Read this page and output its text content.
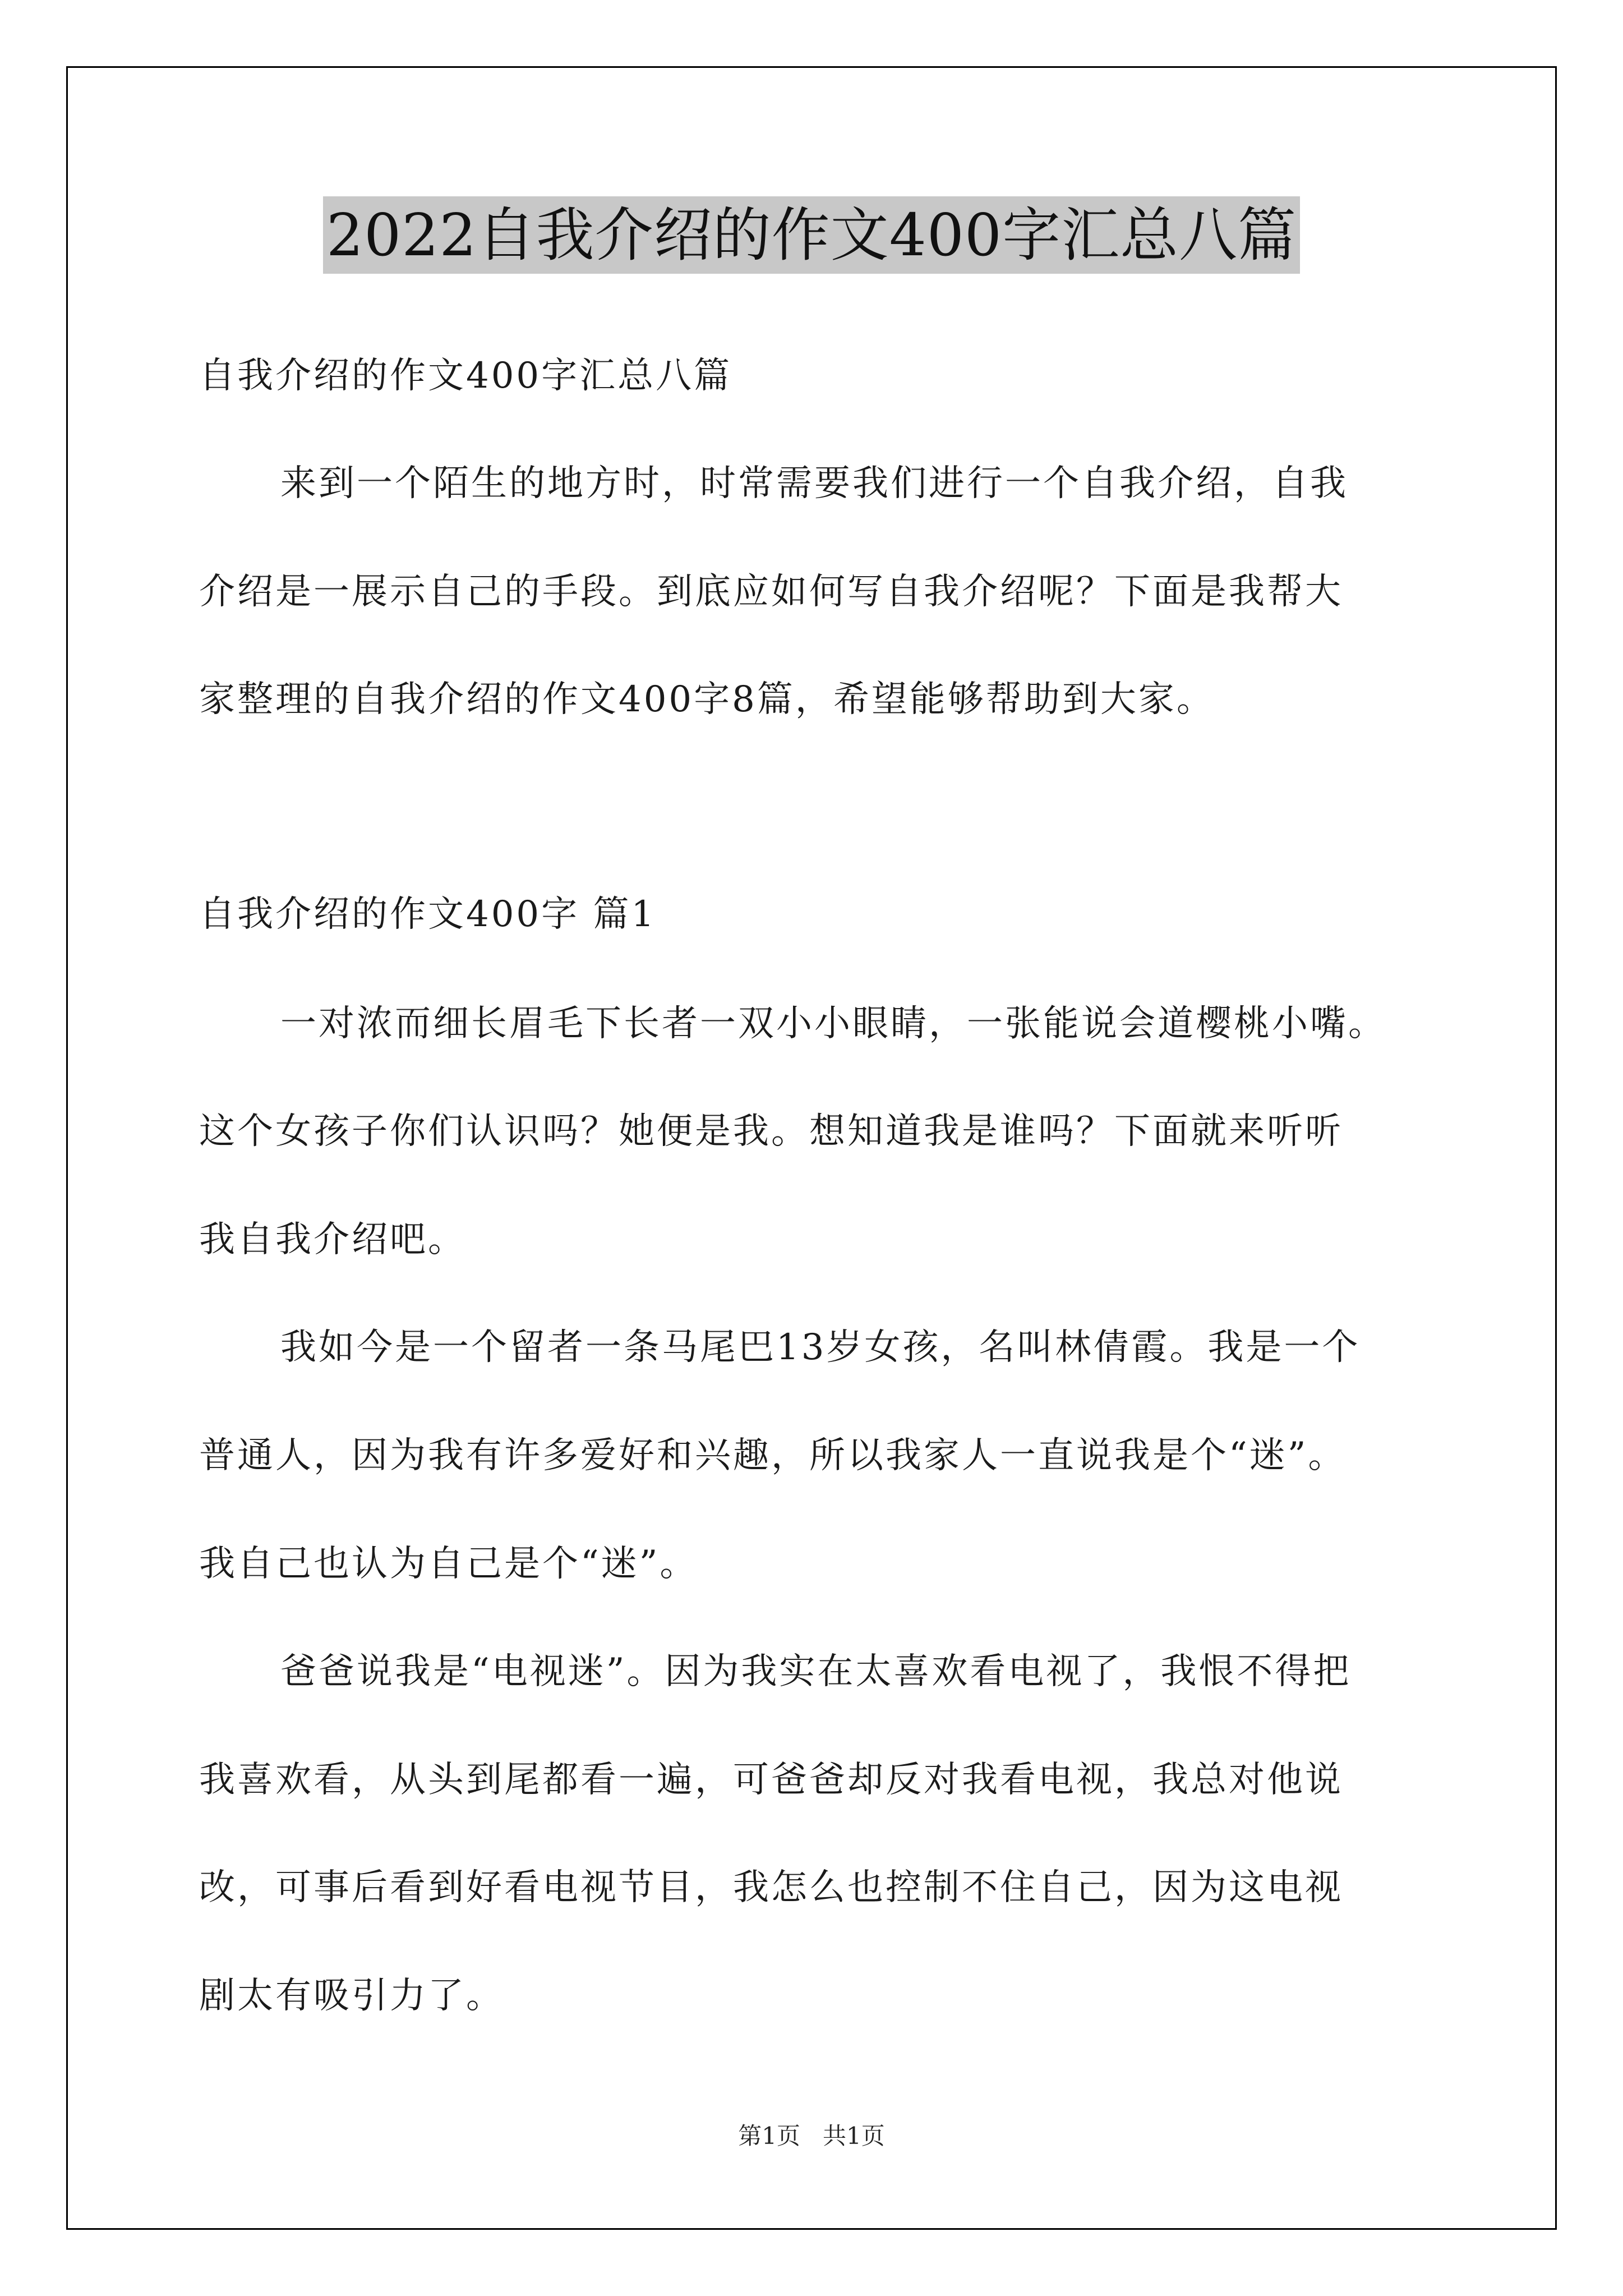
2022自我介绍的作文400字汇总八篇
自我介绍的作文400字汇总八篇
来到一个陌生的地方时，时常需要我们进行一个自我介绍，自我
介绍是一展示自己的手段。到底应如何写自我介绍呢？下面是我帮大
家整理的自我介绍的作文400字8篇，希望能够帮助到大家。
自我介绍的作文400字 篇1
一对浓而细长眉毛下长者一双小小眼睛，一张能说会道樱桃小嘴。
这个女孩子你们认识吗？她便是我。想知道我是谁吗？下面就来听听
我自我介绍吧。
我如今是一个留者一条马尾巴13岁女孩，名叫林倩霞。我是一个
普通人，因为我有许多爱好和兴趣，所以我家人一直说我是个“迷”。
我自己也认为自己是个“迷”。
爸爸说我是“电视迷”。因为我实在太喜欢看电视了，我恨不得把
我喜欢看，从头到尾都看一遍，可爸爸却反对我看电视，我总对他说
改，可事后看到好看电视节目，我怎么也控制不住自己，因为这电视
剧太有吸引力了。
第1页   共1页
